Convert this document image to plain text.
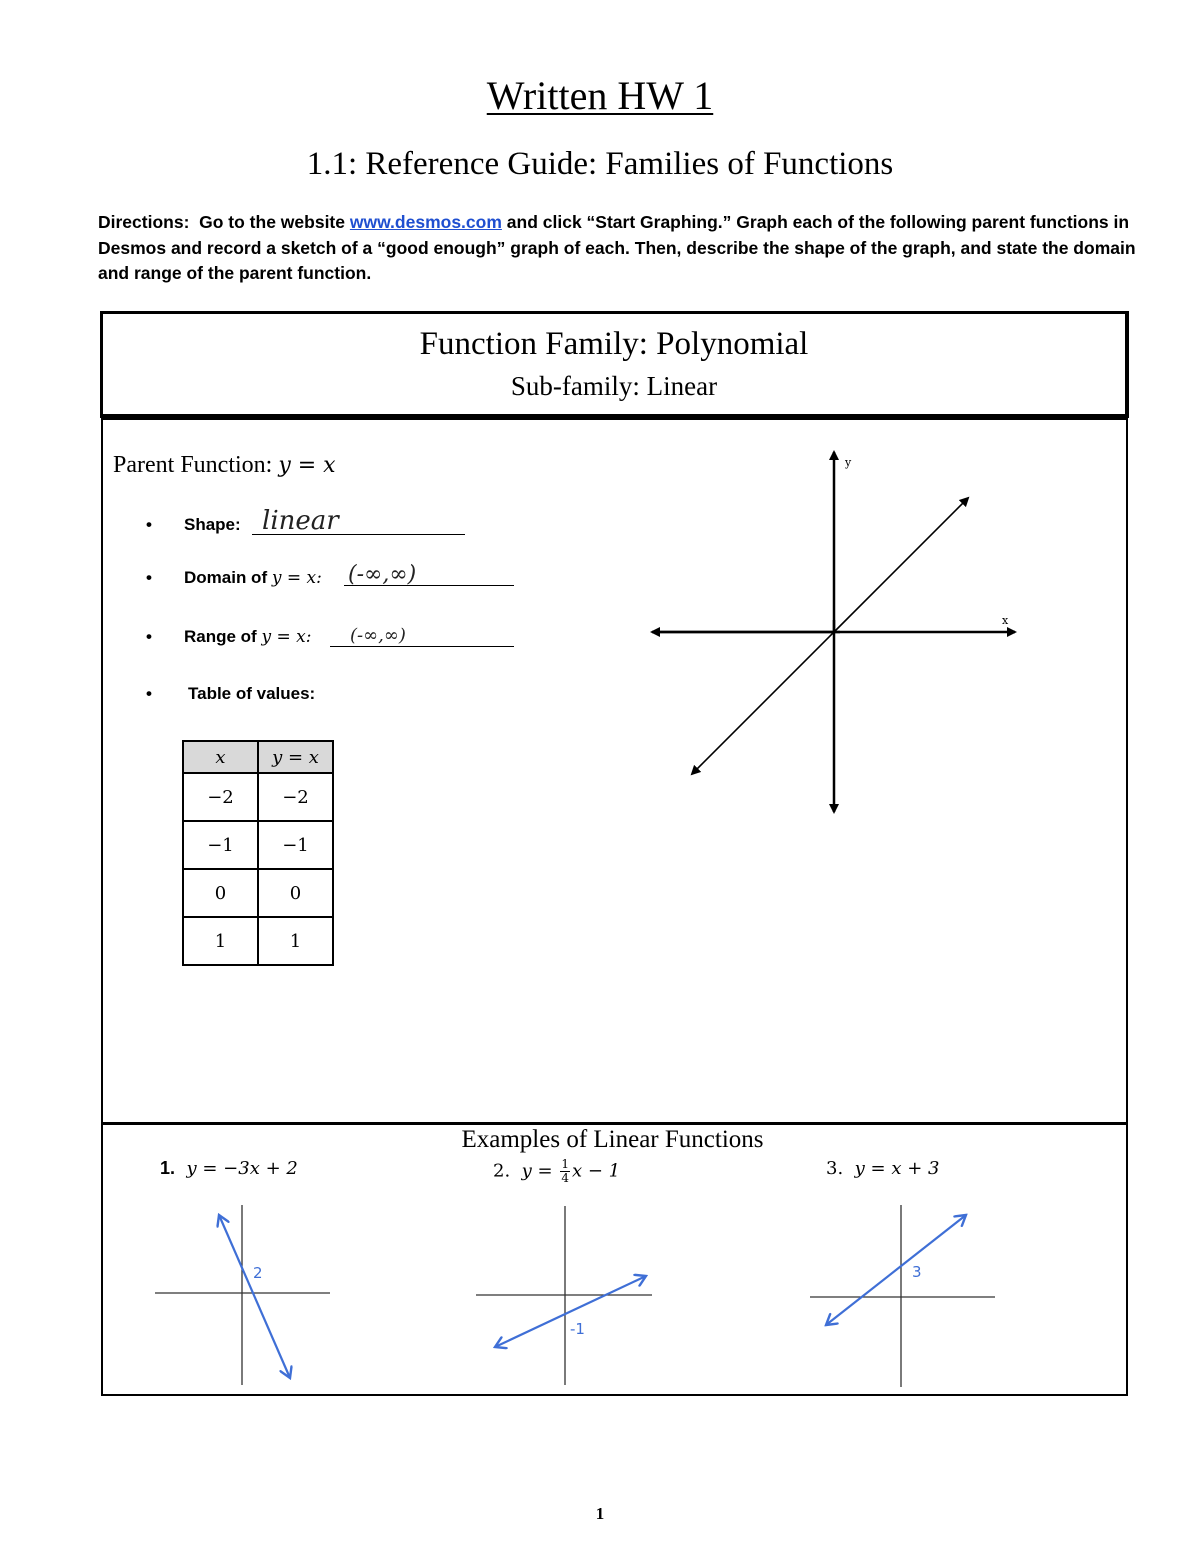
Written HW 1
1.1: Reference Guide: Families of Functions
Directions: Go to the website www.desmos.com and click “Start Graphing.” Graph each of the following parent functions in Desmos and record a sketch of a “good enough” graph of each. Then, describe the shape of the graph, and state the domain and range of the parent function.
Function Family: Polynomial
Sub-family: Linear
Parent Function: y = x
• Shape: linear
• Domain of y = x: (-∞,∞)
• Range of y = x: (-∞,∞)
• Table of values:
x	y = x
−2	−2
−1	−1
0	0
1	1
x
y
2
-1
3
Examples of Linear Functions
1. y = −3x + 2	2. $y = \frac{1}{4}$ x − 1	3. y = x + 3
1
